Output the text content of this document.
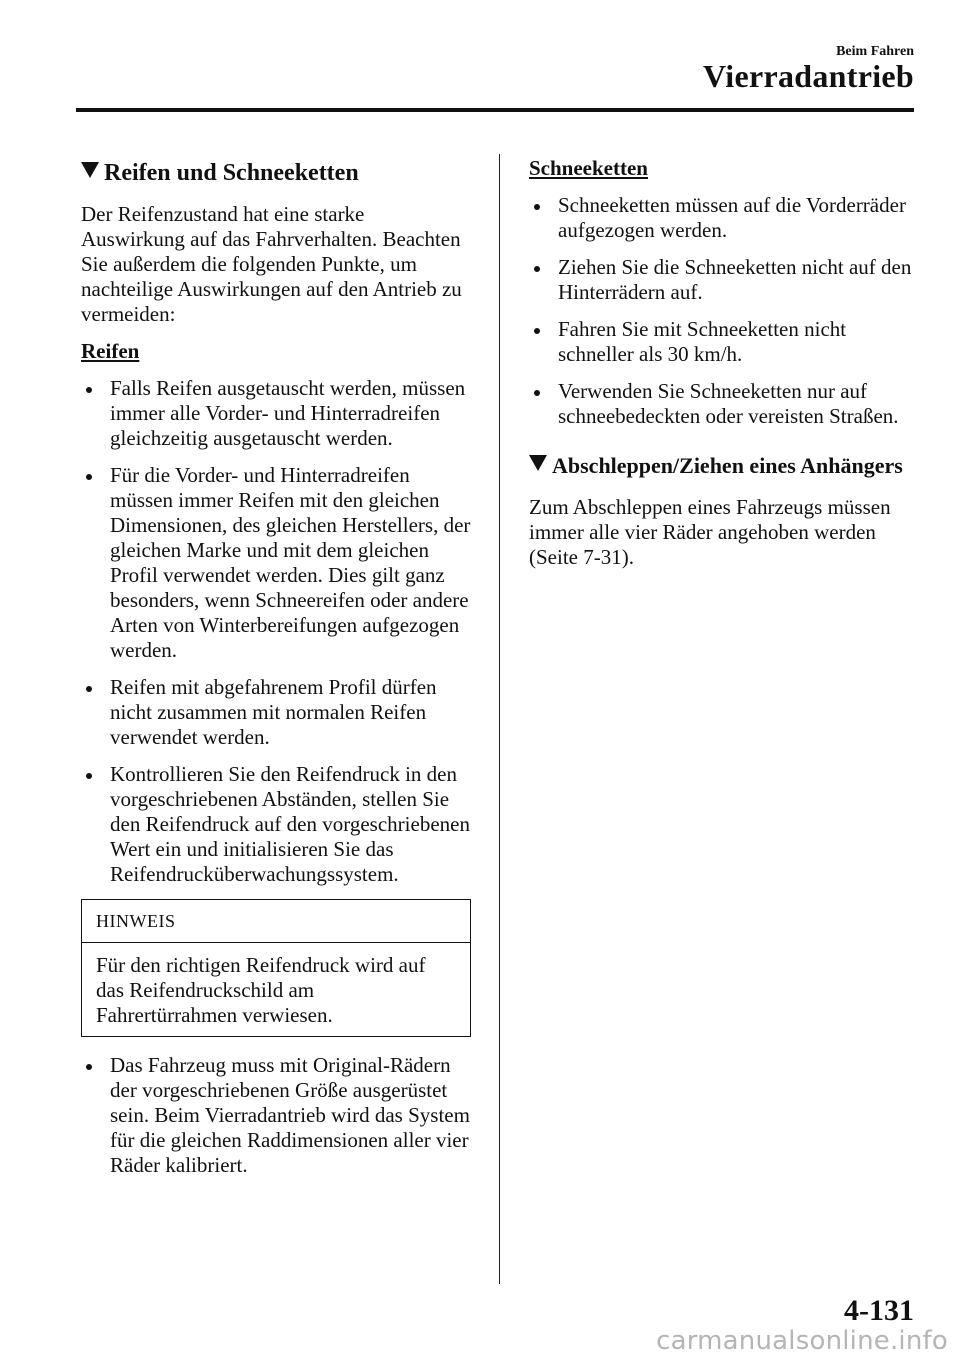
Beim Fahren
Vierradantrieb
Reifen und Schneeketten

Der Reifenzustand hat eine starke Auswirkung auf das Fahrverhalten. Beachten Sie außerdem die folgenden Punkte, um nachteilige Auswirkungen auf den Antrieb zu vermeiden:

Reifen

Falls Reifen ausgetauscht werden, müssen immer alle Vorder- und Hinterradreifen gleichzeitig ausgetauscht werden.
Für die Vorder- und Hinterradreifen müssen immer Reifen mit den gleichen Dimensionen, des gleichen Herstellers, der gleichen Marke und mit dem gleichen Profil verwendet werden. Dies gilt ganz besonders, wenn Schneereifen oder andere Arten von Winterbereifungen aufgezogen werden.
Reifen mit abgefahrenem Profil dürfen nicht zusammen mit normalen Reifen verwendet werden.
Kontrollieren Sie den Reifendruck in den vorgeschriebenen Abständen, stellen Sie den Reifendruck auf den vorgeschriebenen Wert ein und initialisieren Sie das Reifendrucküberwachungssystem.
HINWEIS
Für den richtigen Reifendruck wird auf das Reifendruckschild am Fahrertürrahmen verwiesen.
Das Fahrzeug muss mit Original-Rädern der vorgeschriebenen Größe ausgerüstet sein. Beim Vierradantrieb wird das System für die gleichen Raddimensionen aller vier Räder kalibriert.

Schneeketten

Schneeketten müssen auf die Vorderräder aufgezogen werden.
Ziehen Sie die Schneeketten nicht auf den Hinterrädern auf.
Fahren Sie mit Schneeketten nicht schneller als 30 km/h.
Verwenden Sie Schneeketten nur auf schneebedeckten oder vereisten Straßen.
Abschleppen/Ziehen eines Anhängers

Zum Abschleppen eines Fahrzeugs müssen immer alle vier Räder angehoben werden (Seite 7-31).

4-131
carmanualsonline.info
